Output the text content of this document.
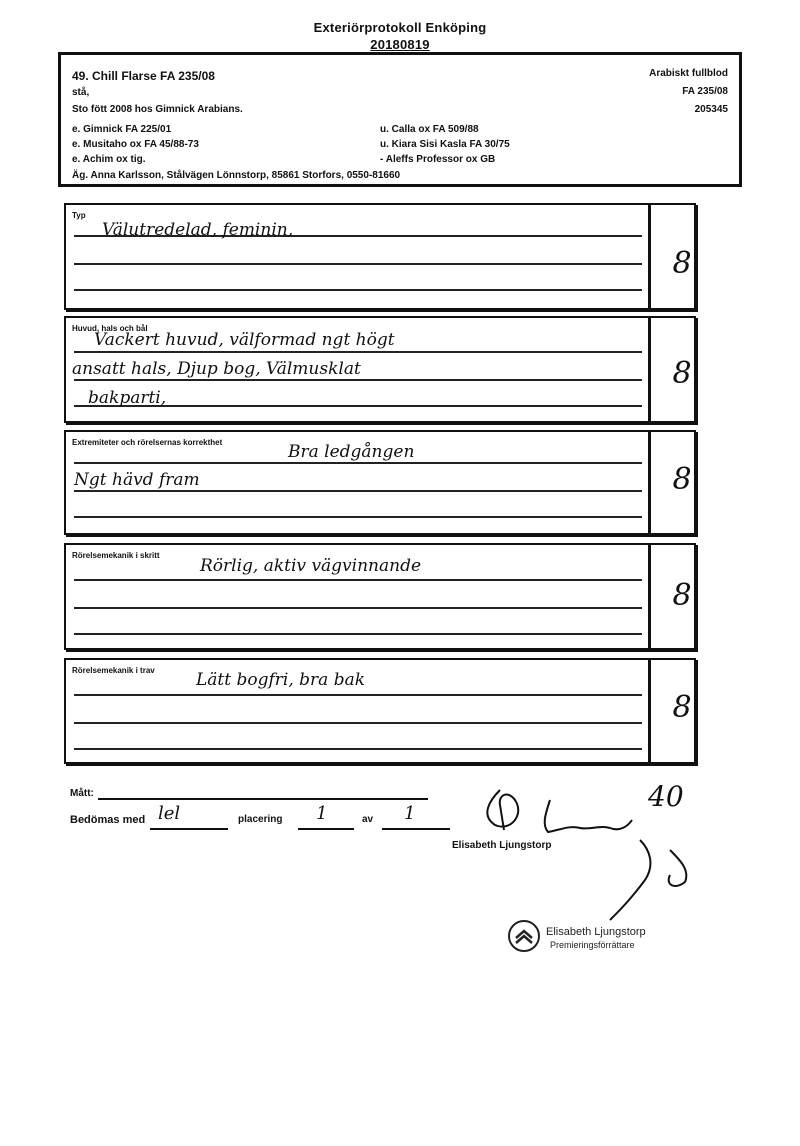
Exteriörprotokoll Enköping
20180819
49. Chill Flarse FA 235/08
stå,
Sto fött 2008 hos Gimnick Arabians.
Arabiskt fullblod
FA 235/08
205345
e. Gimnick FA 225/01	u. Calla ox FA 509/88
e. Musitaho ox FA 45/88-73	u. Kiara Sisi Kasla FA 30/75
e. Achim ox tig.	- Aleffs Professor ox GB
Äg. Anna Karlsson, Stålvägen Lönnstorp, 85861 Storfors, 0550-81660
Typ
Välutredelad, feminin,
8
Huvud, hals och bål
Vackert huvud, välformad ngt högt
ansatt hals, Djup bog, Välmusklat
bakparti,
8
Extremiteter och rörelsernas korrekthet	Bra ledgången
Ngt hävd fram	8
Rörelsemekanik i skritt
Rörlig, aktiv vägvinnande
8
Rörelsemekanik i trav Lätt bogfri, bra bak
8
Mått:
Bedömas med lel	placering 1	av 1
40
Elisabeth Ljungstorp
Elisabeth Ljungstorp
Premieringsförrättare
